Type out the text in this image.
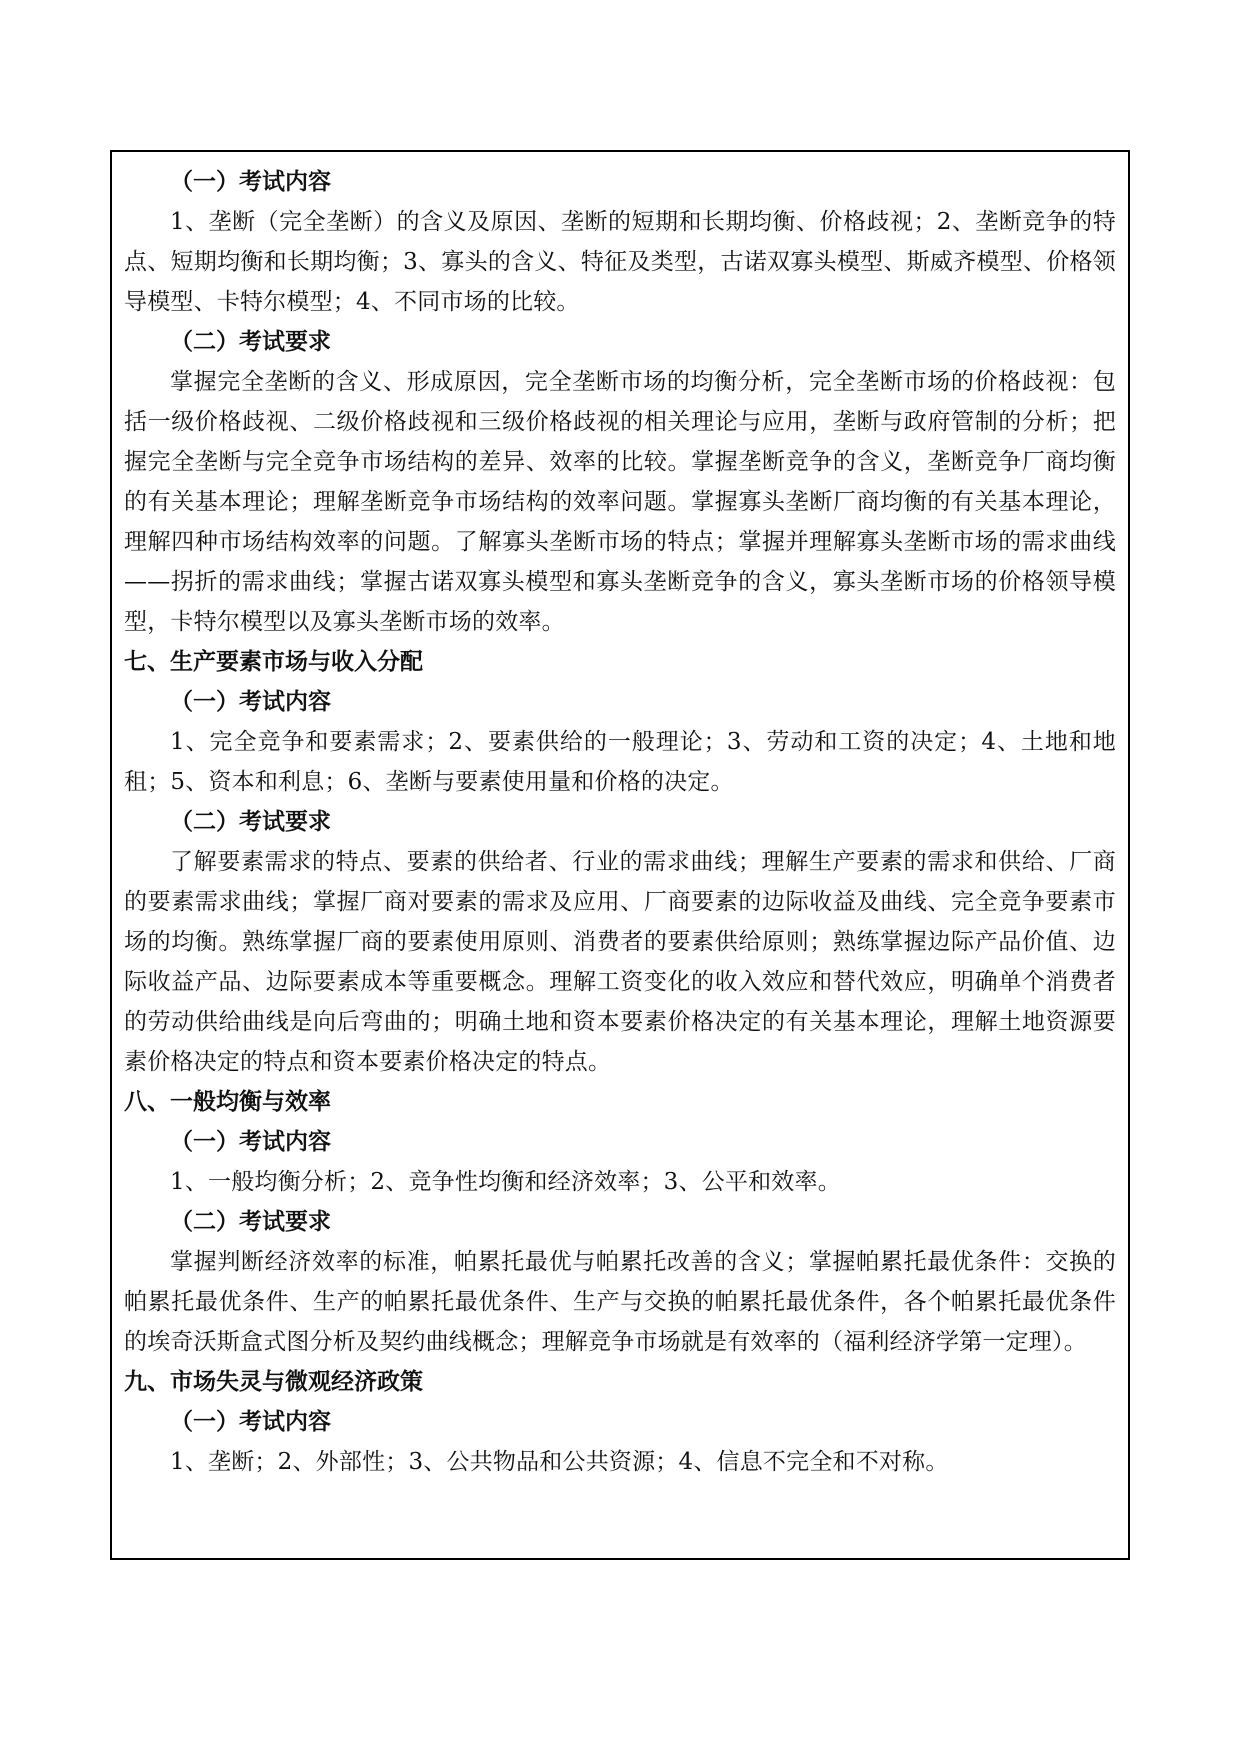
（一）考试内容
1、垄断（完全垄断）的含义及原因、垄断的短期和长期均衡、价格歧视；2、垄断竞争的特点、短期均衡和长期均衡；3、寡头的含义、特征及类型，古诺双寡头模型、斯威齐模型、价格领导模型、卡特尔模型；4、不同市场的比较。
（二）考试要求
掌握完全垄断的含义、形成原因，完全垄断市场的均衡分析，完全垄断市场的价格歧视：包括一级价格歧视、二级价格歧视和三级价格歧视的相关理论与应用，垄断与政府管制的分析；把握完全垄断与完全竞争市场结构的差异、效率的比较。掌握垄断竞争的含义，垄断竞争厂商均衡的有关基本理论；理解垄断竞争市场结构的效率问题。掌握寡头垄断厂商均衡的有关基本理论，理解四种市场结构效率的问题。了解寡头垄断市场的特点；掌握并理解寡头垄断市场的需求曲线——拐折的需求曲线；掌握古诺双寡头模型和寡头垄断竞争的含义，寡头垄断市场的价格领导模型，卡特尔模型以及寡头垄断市场的效率。
七、生产要素市场与收入分配
（一）考试内容
1、完全竞争和要素需求；2、要素供给的一般理论；3、劳动和工资的决定；4、土地和地租；5、资本和利息；6、垄断与要素使用量和价格的决定。
（二）考试要求
了解要素需求的特点、要素的供给者、行业的需求曲线；理解生产要素的需求和供给、厂商的要素需求曲线；掌握厂商对要素的需求及应用、厂商要素的边际收益及曲线、完全竞争要素市场的均衡。熟练掌握厂商的要素使用原则、消费者的要素供给原则；熟练掌握边际产品价值、边际收益产品、边际要素成本等重要概念。理解工资变化的收入效应和替代效应，明确单个消费者的劳动供给曲线是向后弯曲的；明确土地和资本要素价格决定的有关基本理论，理解土地资源要素价格决定的特点和资本要素价格决定的特点。
八、一般均衡与效率
（一）考试内容
1、一般均衡分析；2、竞争性均衡和经济效率；3、公平和效率。
（二）考试要求
掌握判断经济效率的标准，帕累托最优与帕累托改善的含义；掌握帕累托最优条件：交换的帕累托最优条件、生产的帕累托最优条件、生产与交换的帕累托最优条件，各个帕累托最优条件的埃奇沃斯盒式图分析及契约曲线概念；理解竞争市场就是有效率的（福利经济学第一定理）。
九、市场失灵与微观经济政策
（一）考试内容
1、垄断；2、外部性；3、公共物品和公共资源；4、信息不完全和不对称。
